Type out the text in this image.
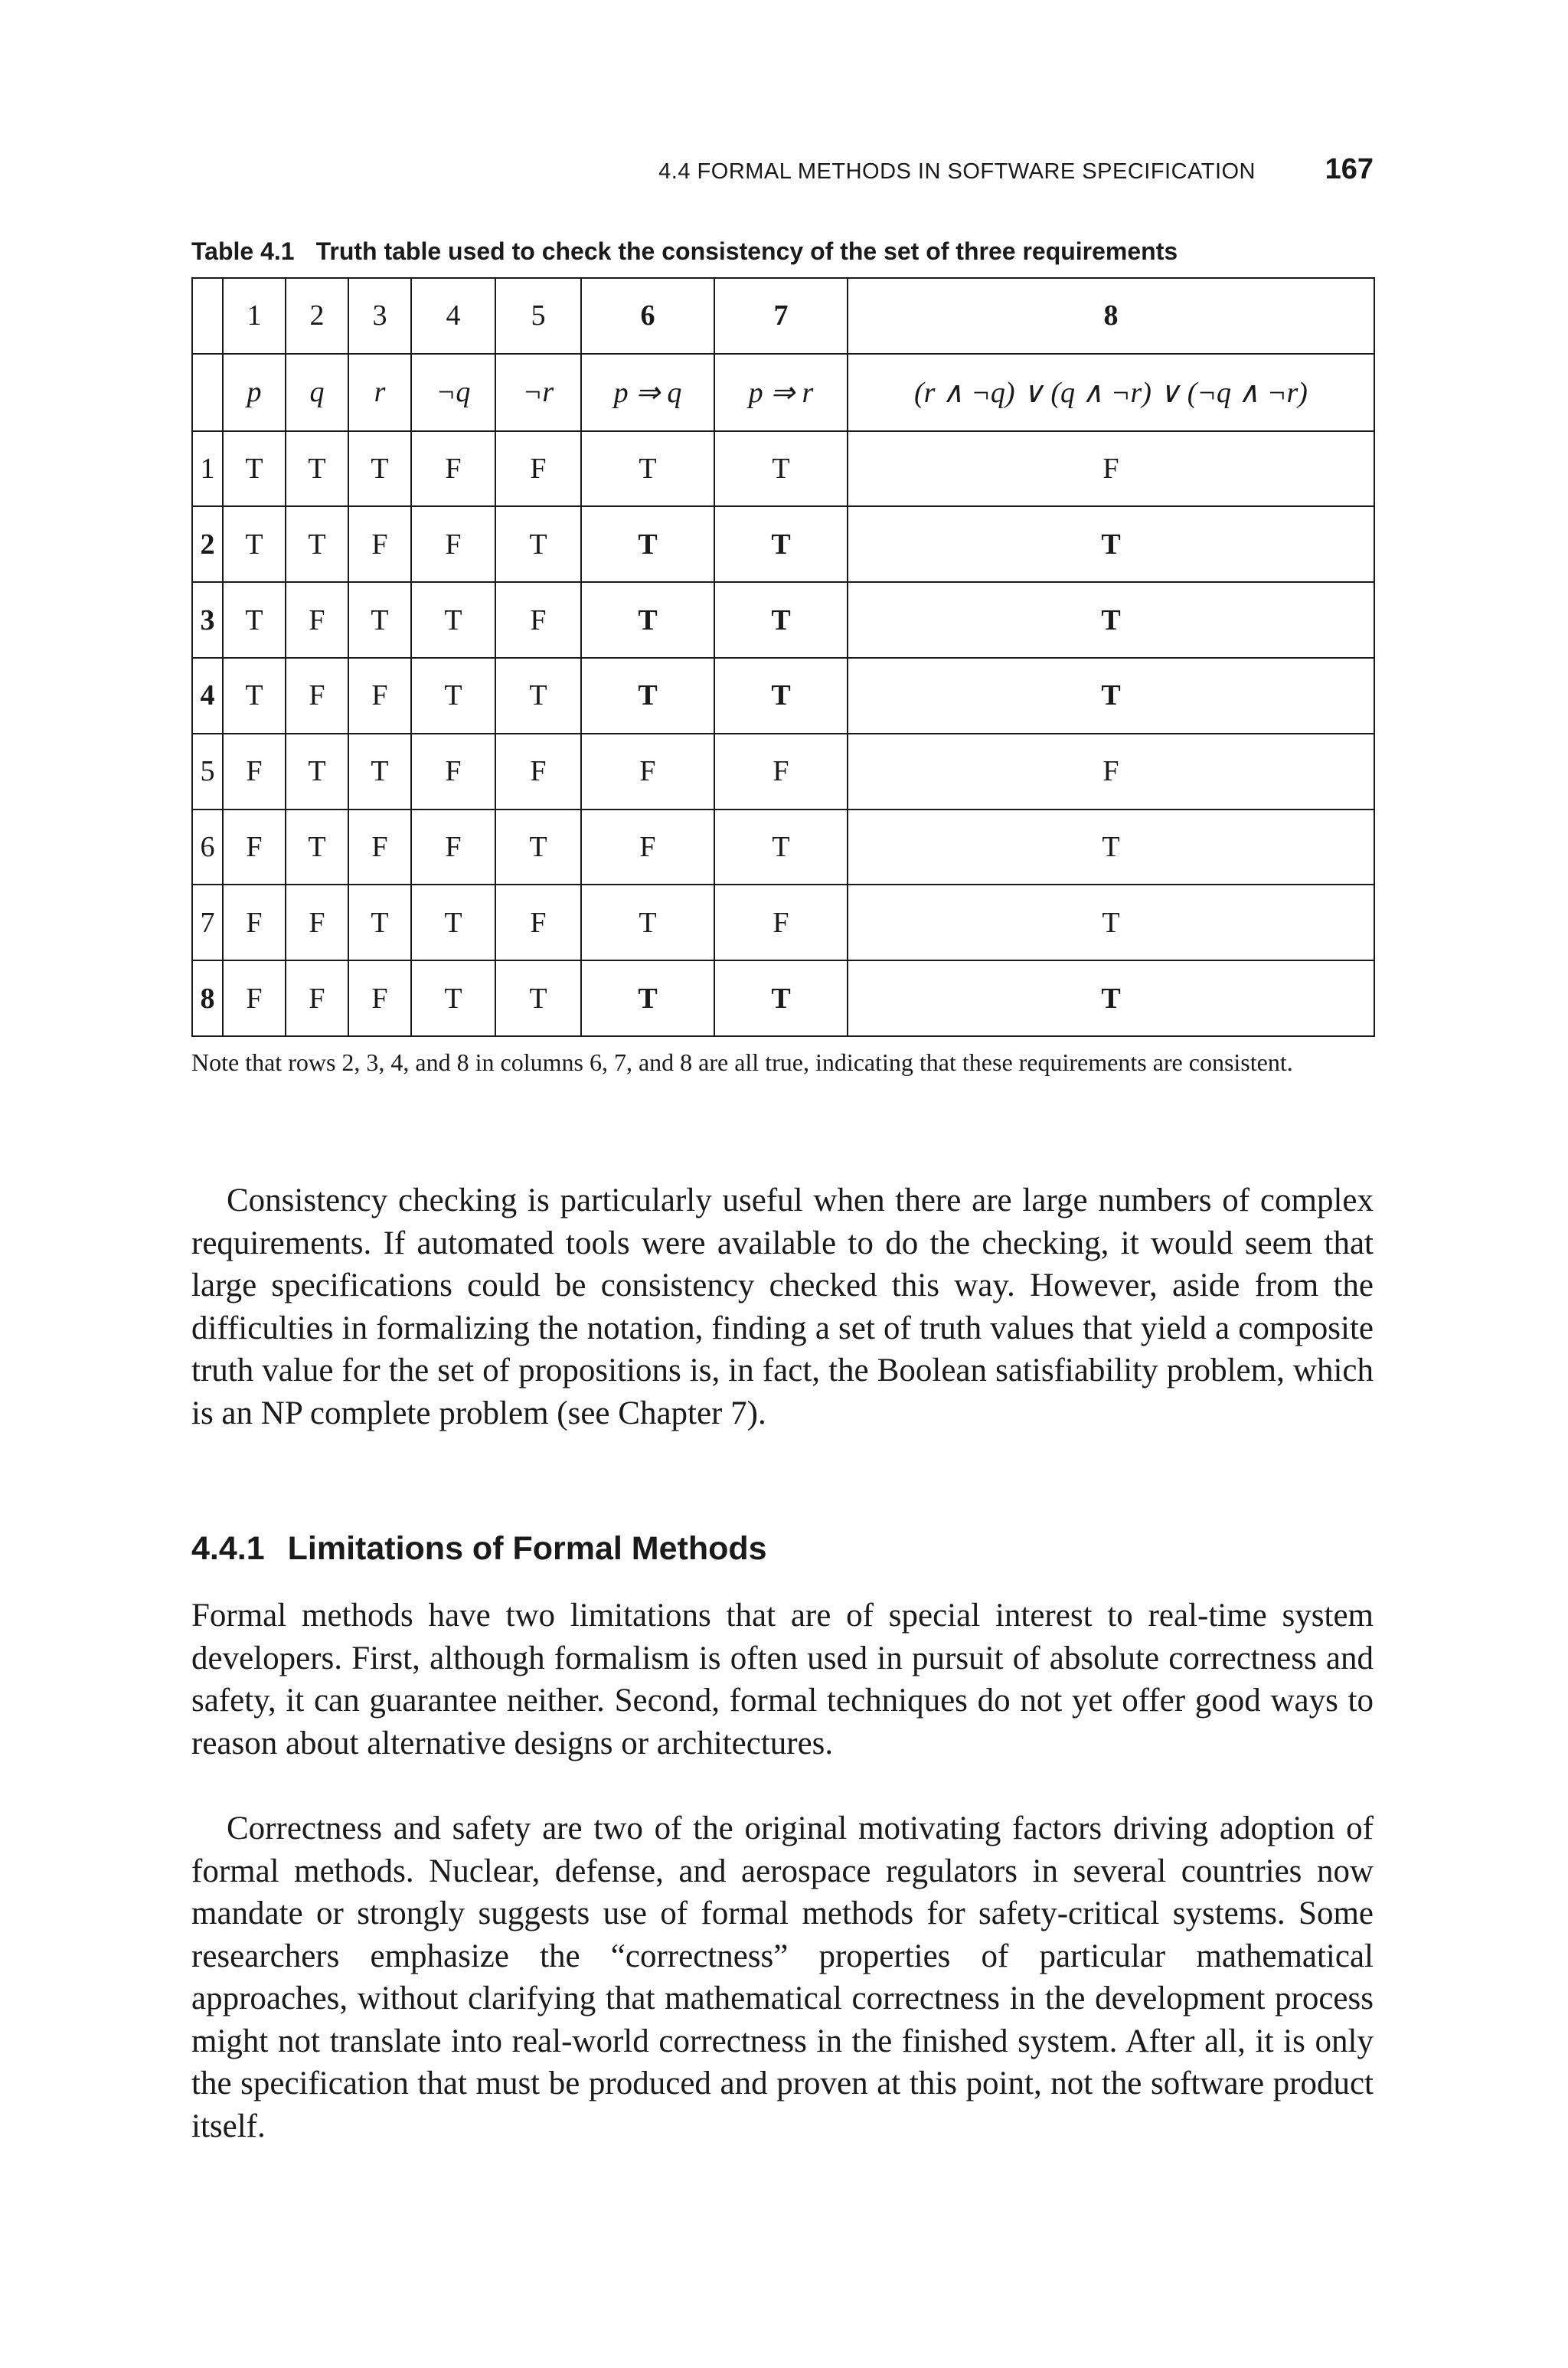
4.4 FORMAL METHODS IN SOFTWARE SPECIFICATION 167
Table 4.1 Truth table used to check the consistency of the set of three requirements
	1	2	3	4	5	6	7	8
	p	q	r	¬q	¬r	p ⇒ q	p ⇒ r	(r ∧ ¬q) ∨ (q ∧ ¬r) ∨ (¬q ∧ ¬r)
1	T	T	T	F	F	T	T	F
2	T	T	F	F	T	T	T	T
3	T	F	T	T	F	T	T	T
4	T	F	F	T	T	T	T	T
5	F	T	T	F	F	F	F	F
6	F	T	F	F	T	F	T	T
7	F	F	T	T	F	T	F	T
8	F	F	F	T	T	T	T	T
Note that rows 2, 3, 4, and 8 in columns 6, 7, and 8 are all true, indicating that these requirements are consistent.

Consistency checking is particularly useful when there are large numbers of complex requirements. If automated tools were available to do the checking, it would seem that large specifications could be consistency checked this way. However, aside from the difficulties in formalizing the notation, finding a set of truth values that yield a composite truth value for the set of propositions is, in fact, the Boolean satisfiability problem, which is an NP complete problem (see Chapter 7).

4.4.1 Limitations of Formal Methods

Formal methods have two limitations that are of special interest to real-time system developers. First, although formalism is often used in pursuit of absolute correctness and safety, it can guarantee neither. Second, formal techniques do not yet offer good ways to reason about alternative designs or architectures.

Correctness and safety are two of the original motivating factors driving adoption of formal methods. Nuclear, defense, and aerospace regulators in several countries now mandate or strongly suggests use of formal methods for safety-critical systems. Some researchers emphasize the “correctness” properties of particular mathematical approaches, without clarifying that mathematical correctness in the development process might not translate into real-world correctness in the finished system. After all, it is only the specification that must be produced and proven at this point, not the software product itself.
